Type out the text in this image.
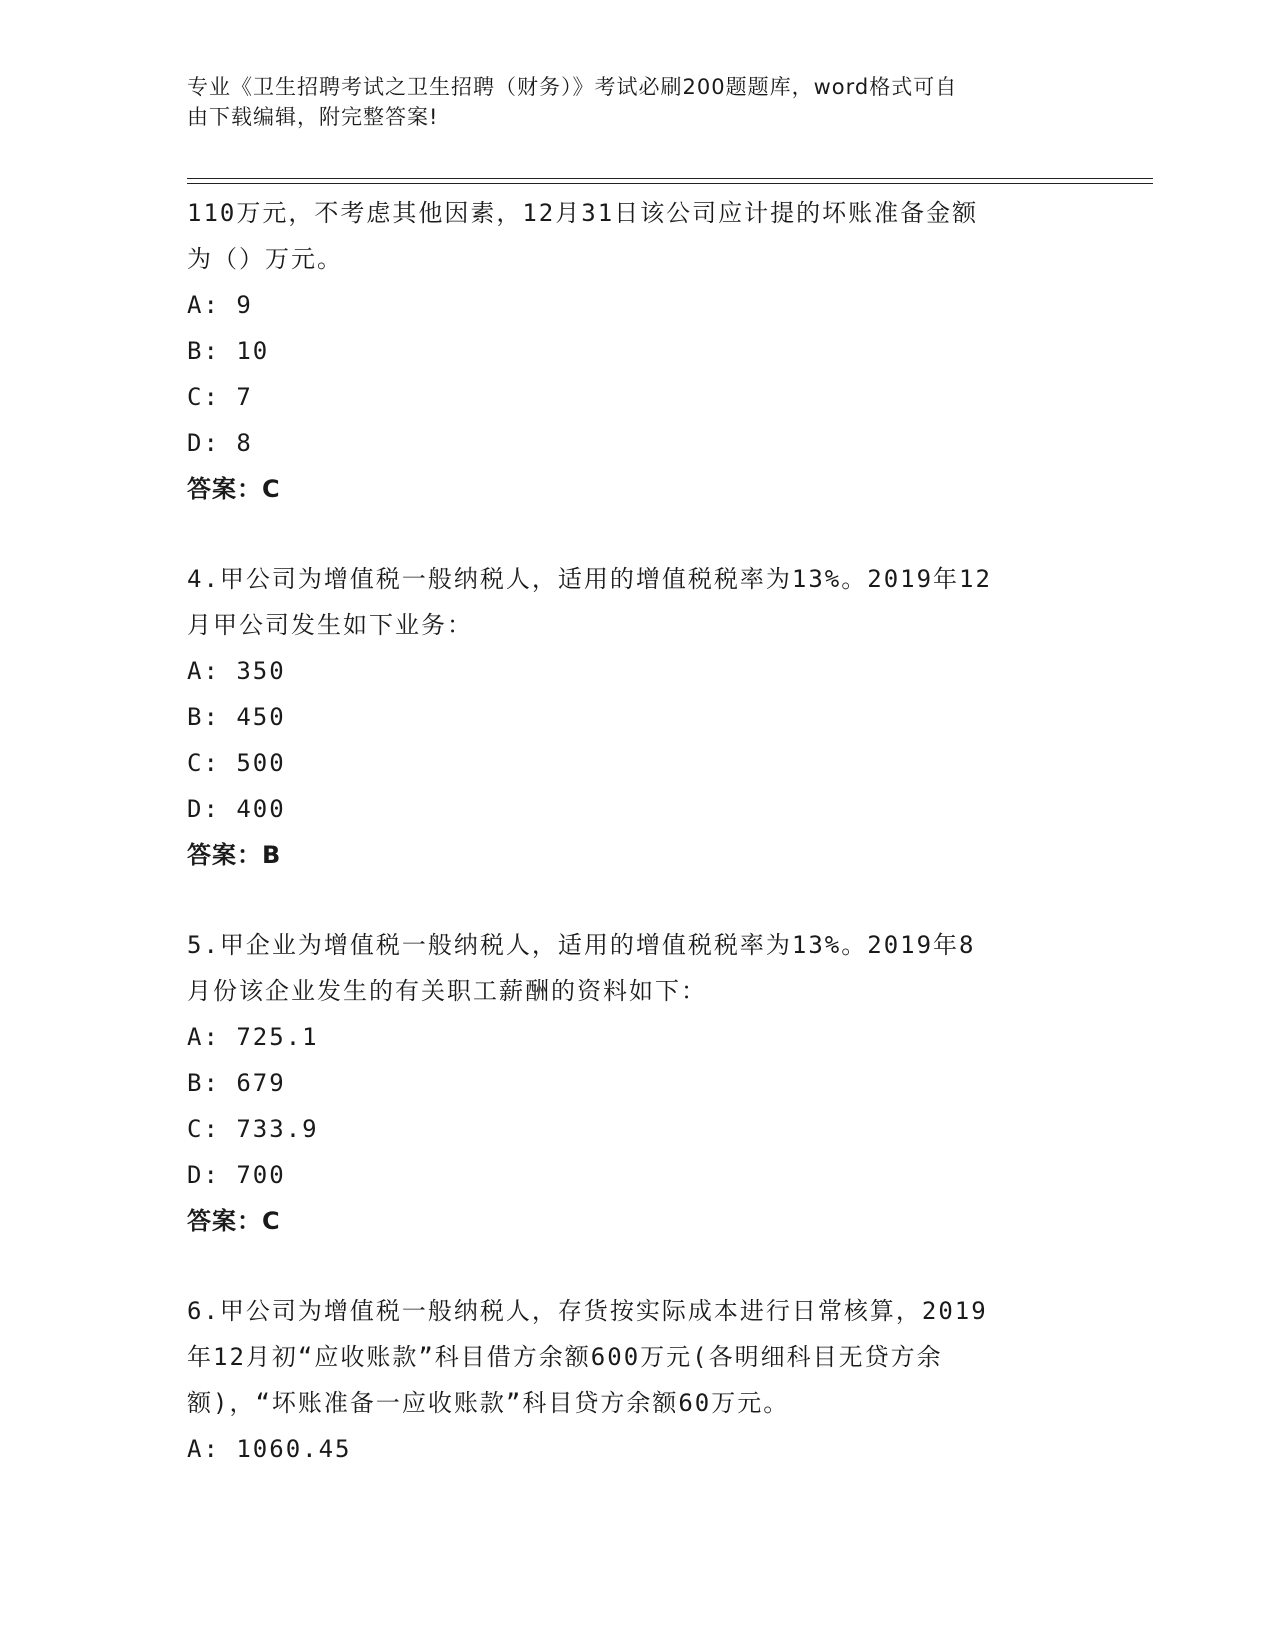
专业《卫生招聘考试之卫生招聘（财务）》考试必刷200题题库，word格式可自
由下载编辑，附完整答案!
110万元，不考虑其他因素，12月31日该公司应计提的坏账准备金额
为（）万元。
A: 9
B: 10
C: 7
D: 8
答案：C
4.甲公司为增值税一般纳税人，适用的增值税税率为13%。2019年12
月甲公司发生如下业务：
A: 350
B: 450
C: 500
D: 400
答案：B
5.甲企业为增值税一般纳税人，适用的增值税税率为13%。2019年8
月份该企业发生的有关职工薪酬的资料如下：
A: 725.1
B: 679
C: 733.9
D: 700
答案：C
6.甲公司为增值税一般纳税人，存货按实际成本进行日常核算，2019
年12月初“应收账款”科目借方余额600万元(各明细科目无贷方余
额)，“坏账准备一应收账款”科目贷方余额60万元。
A: 1060.45
